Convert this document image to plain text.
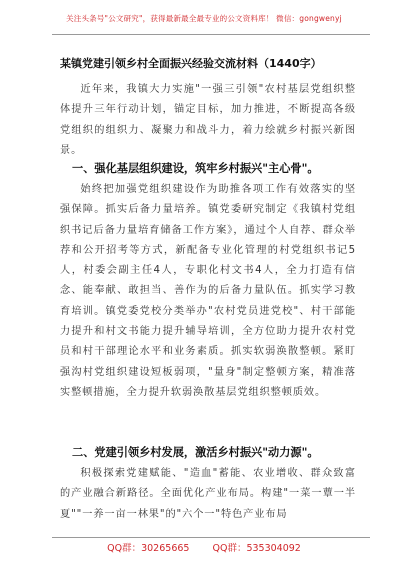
关注头条号"公文研究"，获得最新最全最专业的公文资料库！ 微信：gongwenyj
某镇党建引领乡村全面振兴经验交流材料（1440字）

近年来，我镇大力实施"一强三引领"农村基层党组织整体提升三年行动计划，锚定目标，加力推进，不断提高各级党组织的组织力、凝聚力和战斗力，着力绘就乡村振兴新图景。

一、强化基层组织建设，筑牢乡村振兴"主心骨"。

始终把加强党组织建设作为助推各项工作有效落实的坚强保障。抓实后备力量培养。镇党委研究制定《我镇村党组织书记后备力量培育储备工作方案》，通过个人自荐、群众举荐和公开招考等方式，新配备专业化管理的村党组织书记5人，村委会副主任4人，专职化村文书4人，全力打造有信念、能奉献、敢担当、善作为的后备力量队伍。抓实学习教育培训。镇党委党校分类举办"农村党员进党校"、村干部能力提升和村文书能力提升辅导培训，全方位助力提升农村党员和村干部理论水平和业务素质。抓实软弱涣散整顿。紧盯强沟村党组织建设短板弱项，"量身"制定整顿方案，精准落实整顿措施，全力提升软弱涣散基层党组织整顿质效。

二、党建引领乡村发展，激活乡村振兴"动力源"。

积极探索党建赋能、"造血"蓄能、农业增收、群众致富的产业融合新路径。全面优化产业布局。构建"一菜一蕈一半夏""一养一亩一林果"的"六个一"特色产业布局

QQ群：30265665 QQ群：535304092
